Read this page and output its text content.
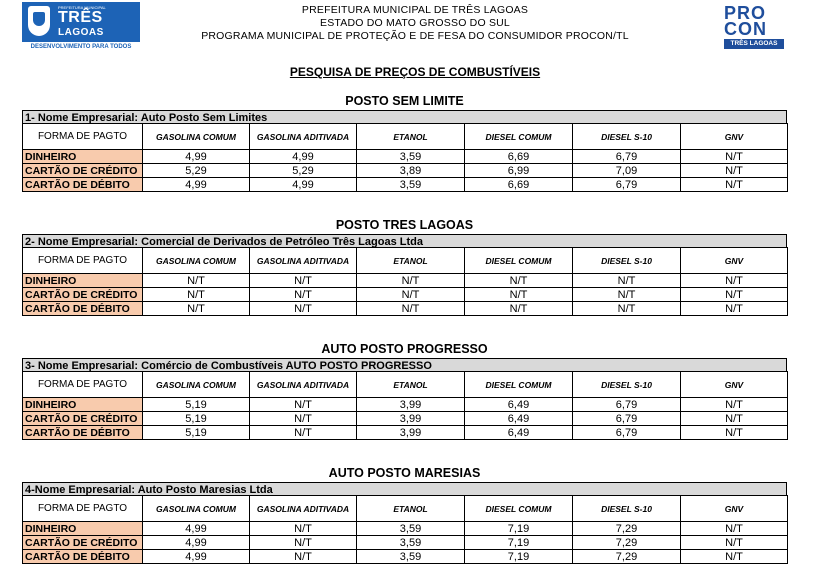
PREFEITURA MUNICIPAL
TRÊS
LAGOAS
DESENVOLVIMENTO PARA TODOS
PREFEITURA MUNICIPAL DE TRÊS LAGOAS
ESTADO DO MATO GROSSO DO SUL
PROGRAMA MUNICIPAL DE PROTEÇÃO E DE FESA DO CONSUMIDOR PROCON/TL
PRO
CON
TRÊS LAGOAS
PESQUISA DE PREÇOS DE COMBUSTÍVEIS
POSTO SEM LIMITE
1- Nome Empresarial: Auto Posto Sem Limites
FORMA DE PAGTO	GASOLINA COMUM	GASOLINA ADITIVADA	ETANOL	DIESEL COMUM	DIESEL S-10	GNV
DINHEIRO	4,99	4,99	3,59	6,69	6,79	N/T
CARTÃO DE CRÉDITO	5,29	5,29	3,89	6,99	7,09	N/T
CARTÃO DE DÉBITO	4,99	4,99	3,59	6,69	6,79	N/T
POSTO TRES LAGOAS
2- Nome Empresarial: Comercial de Derivados de Petróleo Três Lagoas Ltda
FORMA DE PAGTO	GASOLINA COMUM	GASOLINA ADITIVADA	ETANOL	DIESEL COMUM	DIESEL S-10	GNV
DINHEIRO	N/T	N/T	N/T	N/T	N/T	N/T
CARTÃO DE CRÉDITO	N/T	N/T	N/T	N/T	N/T	N/T
CARTÃO DE DÉBITO	N/T	N/T	N/T	N/T	N/T	N/T
AUTO POSTO PROGRESSO
3- Nome Empresarial: Comércio de Combustíveis AUTO POSTO PROGRESSO
FORMA DE PAGTO	GASOLINA COMUM	GASOLINA ADITIVADA	ETANOL	DIESEL COMUM	DIESEL S-10	GNV
DINHEIRO	5,19	N/T	3,99	6,49	6,79	N/T
CARTÃO DE CRÉDITO	5,19	N/T	3,99	6,49	6,79	N/T
CARTÃO DE DÉBITO	5,19	N/T	3,99	6,49	6,79	N/T
AUTO POSTO MARESIAS
4-Nome Empresarial: Auto Posto Maresias Ltda
FORMA DE PAGTO	GASOLINA COMUM	GASOLINA ADITIVADA	ETANOL	DIESEL COMUM	DIESEL S-10	GNV
DINHEIRO	4,99	N/T	3,59	7,19	7,29	N/T
CARTÃO DE CRÉDITO	4,99	N/T	3,59	7,19	7,29	N/T
CARTÃO DE DÉBITO	4,99	N/T	3,59	7,19	7,29	N/T
